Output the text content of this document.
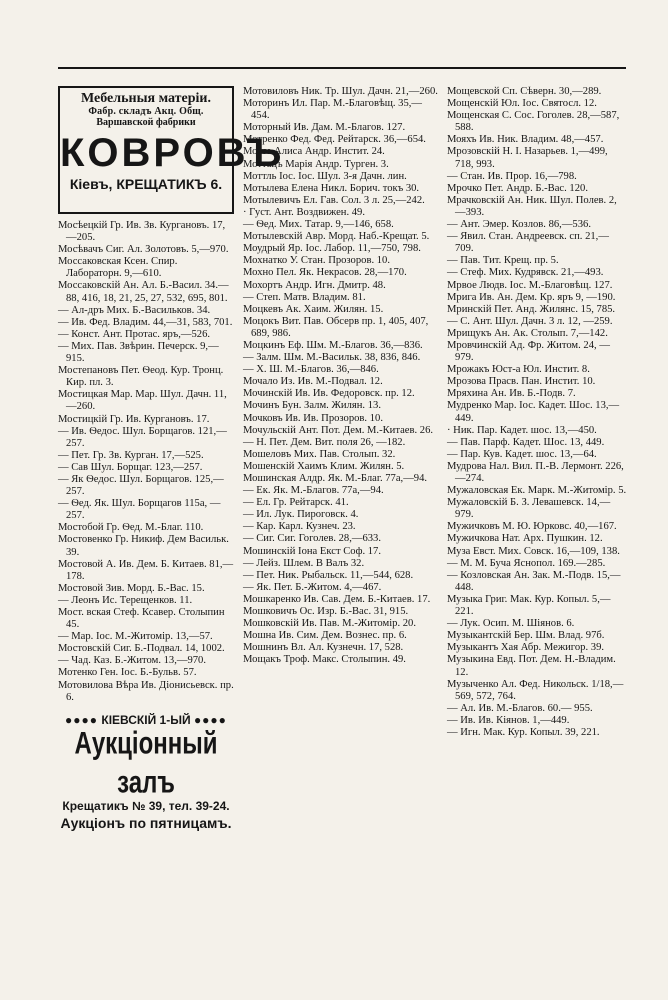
Мебельныя матеріи.
Фабр. складъ Акц. Общ.
Варшавской фабрики
КОВРОВЪ
Кіевъ, КРЕЩАТИКЪ 6.

Мосѣецкій Гр. Ив. Зв. Кургановъ. 17,—205.

Мосѣвачъ Сиг. Ал. Золотовъ. 5,—970.

Моссаковская Ксен. Спир. Лабораторн. 9,—610.

Моссаковскій Ан. Ал. Б.-Васил. 34.—88, 416, 18, 21, 25, 27, 532, 695, 801.

— Ал-дръ Мих. Б.-Васильков. 34.

— Ив. Фед. Владим. 44,—31, 583, 701.

— Конст. Ант. Протас. яръ,—526.

— Мих. Пав. Звѣрин. Печерск. 9,—915.

Мостепановъ Пет. Ѳеод. Кур. Тронц. Кир. пл. 3.

Мостицкая Мар. Мар. Шул. Дачн. 11,—260.

Мостицкій Гр. Ив. Кургановъ. 17.

— Ив. Ѳедос. Шул. Борщагов. 121,—257.

— Пет. Гр. Зв. Курган. 17,—525.

— Сав Шул. Борщаг. 123,—257.

— Як Ѳедос. Шул. Борщагов. 125,—257.

— Ѳед. Як. Шул. Борщагов 115а, —257.

Мостобой Гр. Ѳед. М.-Благ. 110.

Мостовенко Гр. Никиф. Дем Васильк. 39.

Мостовой А. Ив. Дем. Б. Китаев. 81,—178.

Мостовой Зив. Морд. Б.-Вас. 15.

— Леонъ Ис. Терещенков. 11.

Мост. вская Стеф. Ксавер. Столыпин 45.

— Мар. Іос. М.-Житомір. 13,—57.

Мостовскій Сиг. Б.-Подвал. 14, 1002.

— Чад. Каз. Б.-Житом. 13,—970.

Мотенко Ген. Іос. Б.-Бульв. 57.

Мотовилова Вѣра Ив. Діонисьевск. пр. 6.

●●●● КІЕВСКІЙ 1-ЫЙ ●●●●
Аукціонный залъ
Крещатикъ № 39, тел. 39-24.
Аукціонъ по пятницамъ.

Мотовиловъ Ник. Тр. Шул. Дачн. 21,—260.

Моторинъ Ил. Пар. М.-Благовѣщ. 35,—454.

Моторный Ив. Дам. М.-Благов. 127.

Мотренко Фед. Фед. Рейтарск. 36,—654.

Мотта Алиса Андр. Инстит. 24.

Моттацъ Марія Андр. Турген. 3.

Моттль Іос. Іос. Шул. 3-я Дачн. лин.

Мотылева Елена Никл. Борич. токъ 30.

Мотылевичъ Ел. Гав. Сол. 3 л. 25,—242.

· Густ. Ант. Воздвижен. 49.

— Ѳед. Мих. Татар. 9,—146, 658.

Мотылевскій Авр. Морд. Наб.-Крещат. 5.

Моудрый Яр. Іос. Лабор. 11,—750, 798.

Мохнатко У. Стан. Прозоров. 10.

Мохно Пел. Як. Некрасов. 28,—170.

Мохортъ Андр. Игн. Дмитр. 48.

— Степ. Матв. Владим. 81.

Моцкевъ Ак. Хаим. Жилян. 15.

Моцокъ Вит. Пав. Обсерв пр. 1, 405, 407, 689, 986.

Моцкинъ Еф. Шм. М.-Благов. 36,—836.

— Залм. Шм. М.-Васильк. 38, 836, 846.

— Х. Ш. М.-Благов. 36,—846.

Мочало Из. Ив. М.-Подвал. 12.

Мочинскій Ив. Ив. Федоровск. пр. 12.

Мочинъ Бун. Залм. Жилян. 13.

Мочковъ Ив. Ив. Прозоров. 10.

Мочульскій Ант. Пот. Дем. М.-Китаев. 26.

— Н. Пет. Дем. Вит. поля 26, —182.

Мошеловъ Мих. Пав. Столып. 32.

Мошенскій Хаимъ Клим. Жилян. 5.

Мошинская Алдр. Як. М.-Благ. 77а,—94.

— Ек. Як. М.-Благов. 77а,—94.

— Ел. Гр. Рейтарск. 41.

— Ил. Лук. Пироговск. 4.

— Кар. Карл. Кузнеч. 23.

— Сиг. Сиг. Гоголев. 28,—633.

Мошинскій Іона Екст Соф. 17.

— Лейз. Шлем. В Валъ 32.

— Пет. Ник. Рыбальск. 11,—544, 628.

— Як. Пет. Б.-Житом. 4,—467.

Мошкаренко Ив. Сав. Дем. Б.-Китаев. 17.

Мошковичъ Ос. Изр. Б.-Вас. 31, 915.

Мошковскій Ив. Пав. М.-Житомір. 20.

Мошна Ив. Сим. Дем. Вознес. пр. 6.

Мошнинъ Вл. Ал. Кузнечн. 17, 528.

Мощакъ Троф. Макс. Столыпин. 49.

Мощевской Сп. Сѣверн. 30,—289.

Мощенскій Юл. Іос. Святосл. 12.

Мощенская С. Сос. Гоголев. 28,—587, 588.

Мояхъ Ив. Ник. Владим. 48,—457.

Мрозовскій Н. І. Назарьев. 1,—499, 718, 993.

— Стан. Ив. Прор. 16,—798.

Мрочко Пет. Андр. Б.-Вас. 120.

Мрачковскій Ан. Ник. Шул. Полев. 2,—393.

— Ант. Эмер. Козлов. 86,—536.

— Явил. Стан. Андреевск. сп. 21,—709.

— Пав. Тит. Крещ. пр. 5.

— Стеф. Мих. Кудрявск. 21,—493.

Мрвое Людв. Іос. М.-Благовѣщ. 127.

Мрига Ив. Ан. Дем. Кр. яръ 9, —190.

Мринскій Пет. Анд. Жилянс. 15, 785.

— С. Ант. Шул. Дачн. 3 л. 12, —259.

Мрищукъ Ан. Ак. Столып. 7,—142.

Мровчинскій Ад. Фр. Житом. 24, —979.

Мрожакъ Юст-а Юл. Инстит. 8.

Мрозова Прасв. Пан. Инстит. 10.

Мряхина Ан. Ив. Б.-Подв. 7.

Мудренко Мар. Іос. Кадет. Шос. 13,—449.

· Ник. Пар. Кадет. шос. 13,—450.

— Пав. Парф. Кадет. Шос. 13, 449.

— Пар. Кув. Кадет. шос. 13,—64.

Мудрова Нал. Вил. П.-В. Лермонт. 226,—274.

Мужаловская Ек. Марк. М.-Житомір. 5.

Мужаловскій Б. З. Левашевск. 14,—979.

Мужичковъ М. Ю. Юрковс. 40,—167.

Мужичкова Нат. Арх. Пушкин. 12.

Муза Евст. Мих. Совск. 16,—109, 138.

— М. М. Буча Яснопол. 169.—285.

— Козловская Ан. Зак. М.-Подв. 15,—448.

Музыка Григ. Мак. Кур. Копыл. 5,—221.

— Лук. Осип. М. Шіянов. 6.

Музыкантскій Бер. Шм. Влад. 97б.

Музыкантъ Хая Абр. Межигор. 39.

Музыкина Евд. Пот. Дем. Н.-Владим. 12.

Музыченко Ал. Фед. Никольск. 1/18,—569, 572, 764.

— Ал. Ив. М.-Благов. 60.— 955.

— Ив. Ив. Кіянов. 1,—449.

— Игн. Мак. Кур. Копыл. 39, 221.
